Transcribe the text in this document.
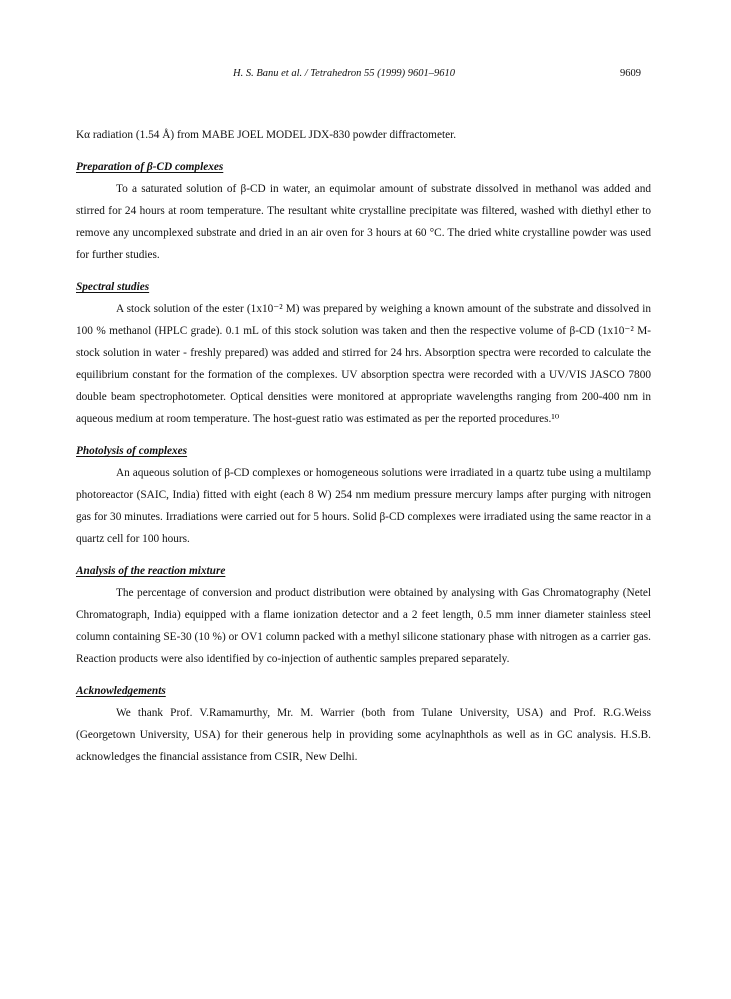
H. S. Banu et al. / Tetrahedron 55 (1999) 9601–9610	9609

Kα radiation (1.54 Å) from MABE JOEL MODEL JDX-830 powder diffractometer.

Preparation of β-CD complexes

To a saturated solution of β-CD in water, an equimolar amount of substrate dissolved in methanol was added and stirred for 24 hours at room temperature. The resultant white crystalline precipitate was filtered, washed with diethyl ether to remove any uncomplexed substrate and dried in an air oven for 3 hours at 60 °C. The dried white crystalline powder was used for further studies.

Spectral studies

A stock solution of the ester (1x10⁻² M) was prepared by weighing a known amount of the substrate and dissolved in 100 % methanol (HPLC grade). 0.1 mL of this stock solution was taken and then the respective volume of β-CD (1x10⁻² M-stock solution in water - freshly prepared) was added and stirred for 24 hrs. Absorption spectra were recorded to calculate the equilibrium constant for the formation of the complexes. UV absorption spectra were recorded with a UV/VIS JASCO 7800 double beam spectrophotometer. Optical densities were monitored at appropriate wavelengths ranging from 200-400 nm in aqueous medium at room temperature. The host-guest ratio was estimated as per the reported procedures.¹⁰

Photolysis of complexes

An aqueous solution of β-CD complexes or homogeneous solutions were irradiated in a quartz tube using a multilamp photoreactor (SAIC, India) fitted with eight (each 8 W) 254 nm medium pressure mercury lamps after purging with nitrogen gas for 30 minutes. Irradiations were carried out for 5 hours. Solid β-CD complexes were irradiated using the same reactor in a quartz cell for 100 hours.

Analysis of the reaction mixture

The percentage of conversion and product distribution were obtained by analysing with Gas Chromatography (Netel Chromatograph, India) equipped with a flame ionization detector and a 2 feet length, 0.5 mm inner diameter stainless steel column containing SE-30 (10 %) or OV1 column packed with a methyl silicone stationary phase with nitrogen as a carrier gas. Reaction products were also identified by co-injection of authentic samples prepared separately.

Acknowledgements

We thank Prof. V.Ramamurthy, Mr. M. Warrier (both from Tulane University, USA) and Prof. R.G.Weiss (Georgetown University, USA) for their generous help in providing some acylnaphthols as well as in GC analysis. H.S.B. acknowledges the financial assistance from CSIR, New Delhi.
